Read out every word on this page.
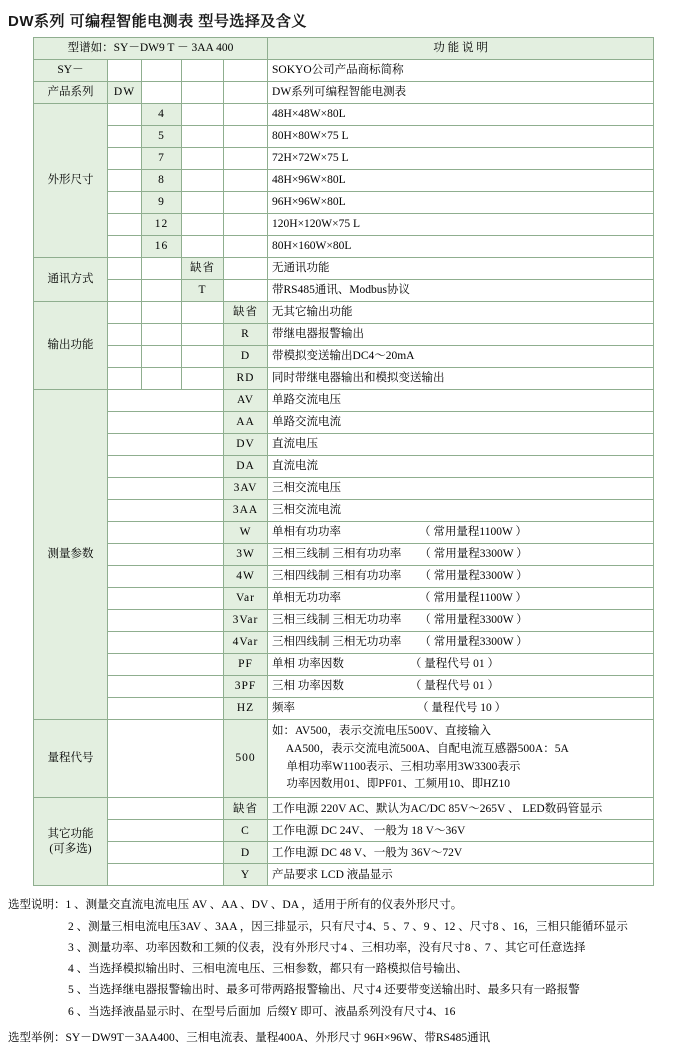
DW系列 可编程智能电测表 型号选择及含义
型谱如：SY－DW9 T － 3AA 400					功 能 说 明
SY－					SOKYO公司产品商标简称
产品系列	DW				DW系列可编程智能电测表
外形尺寸		4			48H×48W×80L
		5			80H×80W×75 L
		7			72H×72W×75 L
		8			48H×96W×80L
		9			96H×96W×80L
		12			120H×120W×75 L
		16			80H×160W×80L
通讯方式			缺省		无通讯功能
			T		带RS485通讯、Modbus协议
输出功能				缺省	无其它输出功能
				R	带继电器报警输出
				D	带模拟变送输出DC4～20mA
				RD	同时带继电器输出和模拟变送输出
测量参数				AV	单路交流电压
				AA	单路交流电流
				DV	直流电压
				DA	直流电流
				3AV	三相交流电压
				3AA	三相交流电流
				W	单相有功功率 （ 常用量程1100W ）
				3W	三相三线制 三相有功功率 （ 常用量程3300W ）
				4W	三相四线制 三相有功功率 （ 常用量程3300W ）
				Var	单相无功功率 （ 常用量程1100W ）
				3Var	三相三线制 三相无功功率 （ 常用量程3300W ）
				4Var	三相四线制 三相无功功率 （ 常用量程3300W ）
				PF	单相 功率因数 （ 量程代号 01 ）
				3PF	三相 功率因数 （ 量程代号 01 ）
				HZ	频率 （ 量程代号 10 ）
量程代号				500	如：AV500，表示交流电压500V、直接输入
AA500，表示交流电流500A、自配电流互感器500A：5A
单相功率W1100表示、三相功率用3W3300表示
功率因数用01、即PF01、工频用10、即HZ10

其它功能
(可多选)				缺省	工作电源 220V AC、默认为AC/DC 85V～265V 、 LED数码管显示
				C	工作电源 DC 24V、 一般为 18 V～36V
				D	工作电源 DC 48 V、一般为 36V～72V
				Y	产品要求 LCD 液晶显示
选型说明：1 、测量交直流电流电压 AV 、AA 、DV 、DA ，适用于所有的仪表外形尺寸。
2 、测量三相电流电压3AV 、3AA ，因三排显示，只有尺寸4、5 、7 、9 、12 、尺寸8 、16，三相只能循环显示
3 、测量功率、功率因数和工频的仪表，没有外形尺寸4 、三相功率，没有尺寸8 、7 、其它可任意选择
4 、当选择模拟输出时、三相电流电压、三相参数，都只有一路模拟信号输出、
5 、当选择继电器报警输出时、最多可带两路报警输出、尺寸4 还要带变送输出时、最多只有一路报警
6 、当选择液晶显示时、在型号后面加  后缀Y 即可、液晶系列没有尺寸4、16
选型举例：SY－DW9T－3AA400、三相电流表、量程400A、外形尺寸 96H×96W、带RS485通讯
